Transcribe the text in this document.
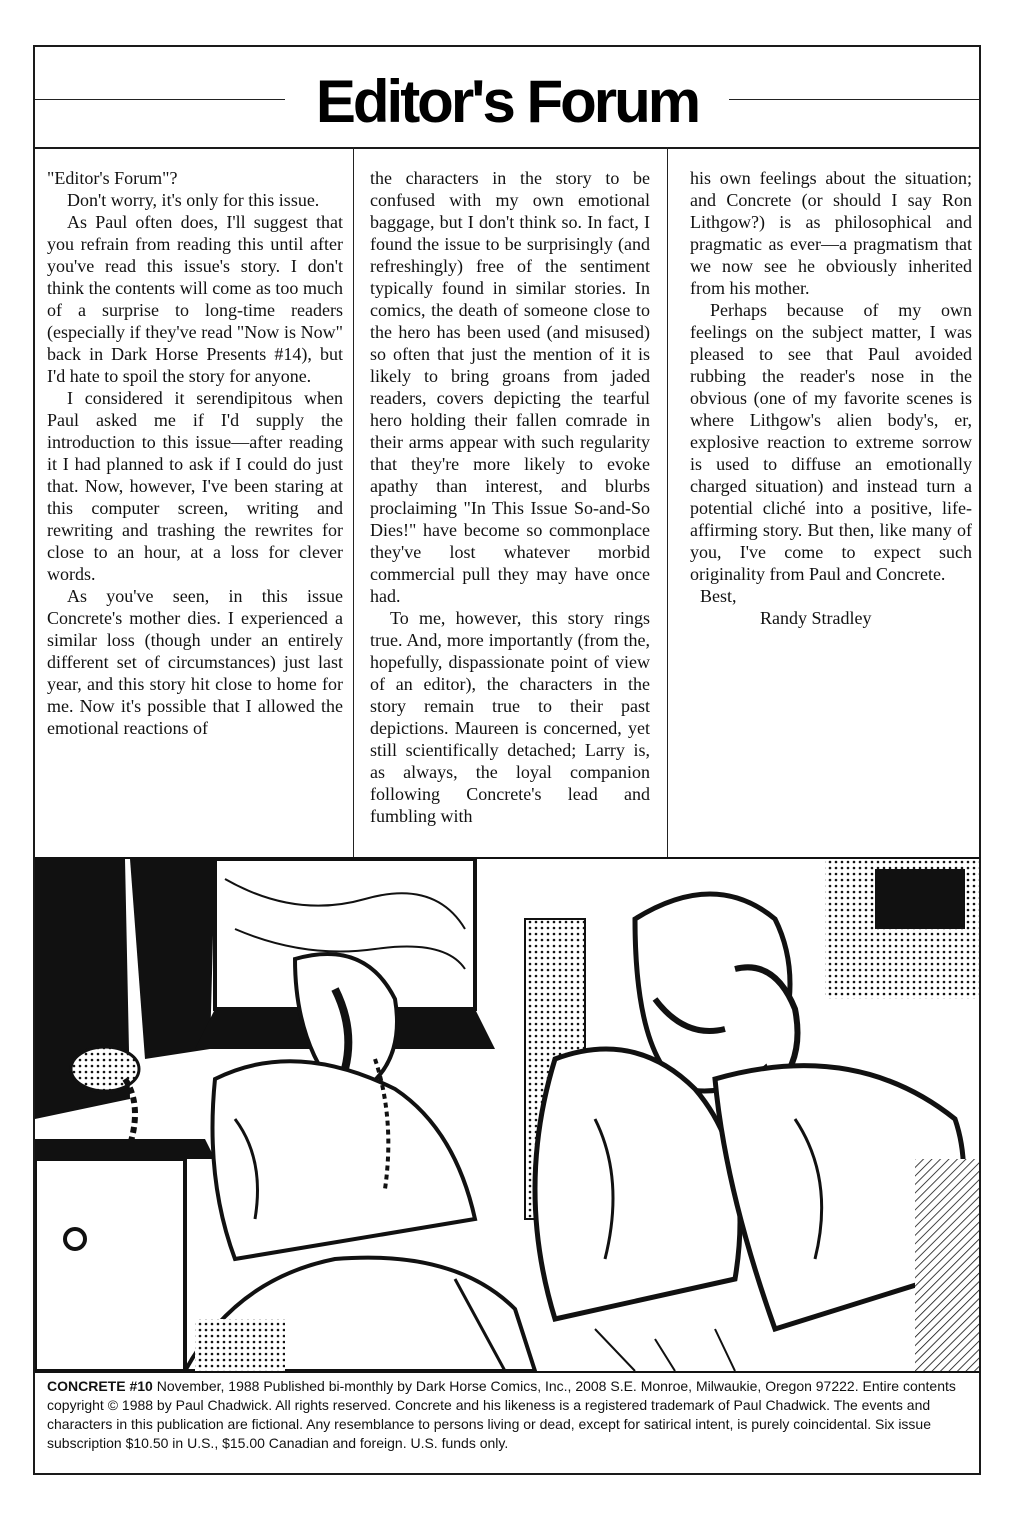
Editor's Forum

"Editor's Forum"?

Don't worry, it's only for this issue.

As Paul often does, I'll suggest that you refrain from reading this until after you've read this issue's story. I don't think the contents will come as too much of a surprise to long-time readers (especially if they've read "Now is Now" back in Dark Horse Presents #14), but I'd hate to spoil the story for anyone.

I considered it serendipitous when Paul asked me if I'd supply the introduction to this issue—after reading it I had planned to ask if I could do just that. Now, however, I've been staring at this computer screen, writing and rewriting and trashing the rewrites for close to an hour, at a loss for clever words.

As you've seen, in this issue Concrete's mother dies. I experienced a similar loss (though under an entirely different set of circumstances) just last year, and this story hit close to home for me. Now it's possible that I allowed the emotional reactions of

the characters in the story to be confused with my own emotional baggage, but I don't think so. In fact, I found the issue to be surprisingly (and refreshingly) free of the sentiment typically found in similar stories. In comics, the death of someone close to the hero has been used (and misused) so often that just the mention of it is likely to bring groans from jaded readers, covers depicting the tearful hero holding their fallen comrade in their arms appear with such regularity that they're more likely to evoke apathy than interest, and blurbs proclaiming "In This Issue So-and-So Dies!" have become so commonplace they've lost whatever morbid commercial pull they may have once had.

To me, however, this story rings true. And, more importantly (from the, hopefully, dispassionate point of view of an editor), the characters in the story remain true to their past depictions. Maureen is concerned, yet still scientifically detached; Larry is, as always, the loyal companion following Concrete's lead and fumbling with

his own feelings about the situation; and Concrete (or should I say Ron Lithgow?) is as philosophical and pragmatic as ever—a pragmatism that we now see he obviously inherited from his mother.

Perhaps because of my own feelings on the subject matter, I was pleased to see that Paul avoided rubbing the reader's nose in the obvious (one of my favorite scenes is where Lithgow's alien body's, er, explosive reaction to extreme sorrow is used to diffuse an emotionally charged situation) and instead turn a potential cliché into a positive, life-affirming story. But then, like many of you, I've come to expect such originality from Paul and Concrete.

Best,

Randy Stradley

CONCRETE #10 November, 1988 Published bi-monthly by Dark Horse Comics, Inc., 2008 S.E. Monroe, Milwaukie, Oregon 97222. Entire contents copyright © 1988 by Paul Chadwick. All rights reserved. Concrete and his likeness is a registered trademark of Paul Chadwick. The events and characters in this publication are fictional. Any resemblance to persons living or dead, except for satirical intent, is purely coincidental. Six issue subscription $10.50 in U.S., $15.00 Canadian and foreign. U.S. funds only.
